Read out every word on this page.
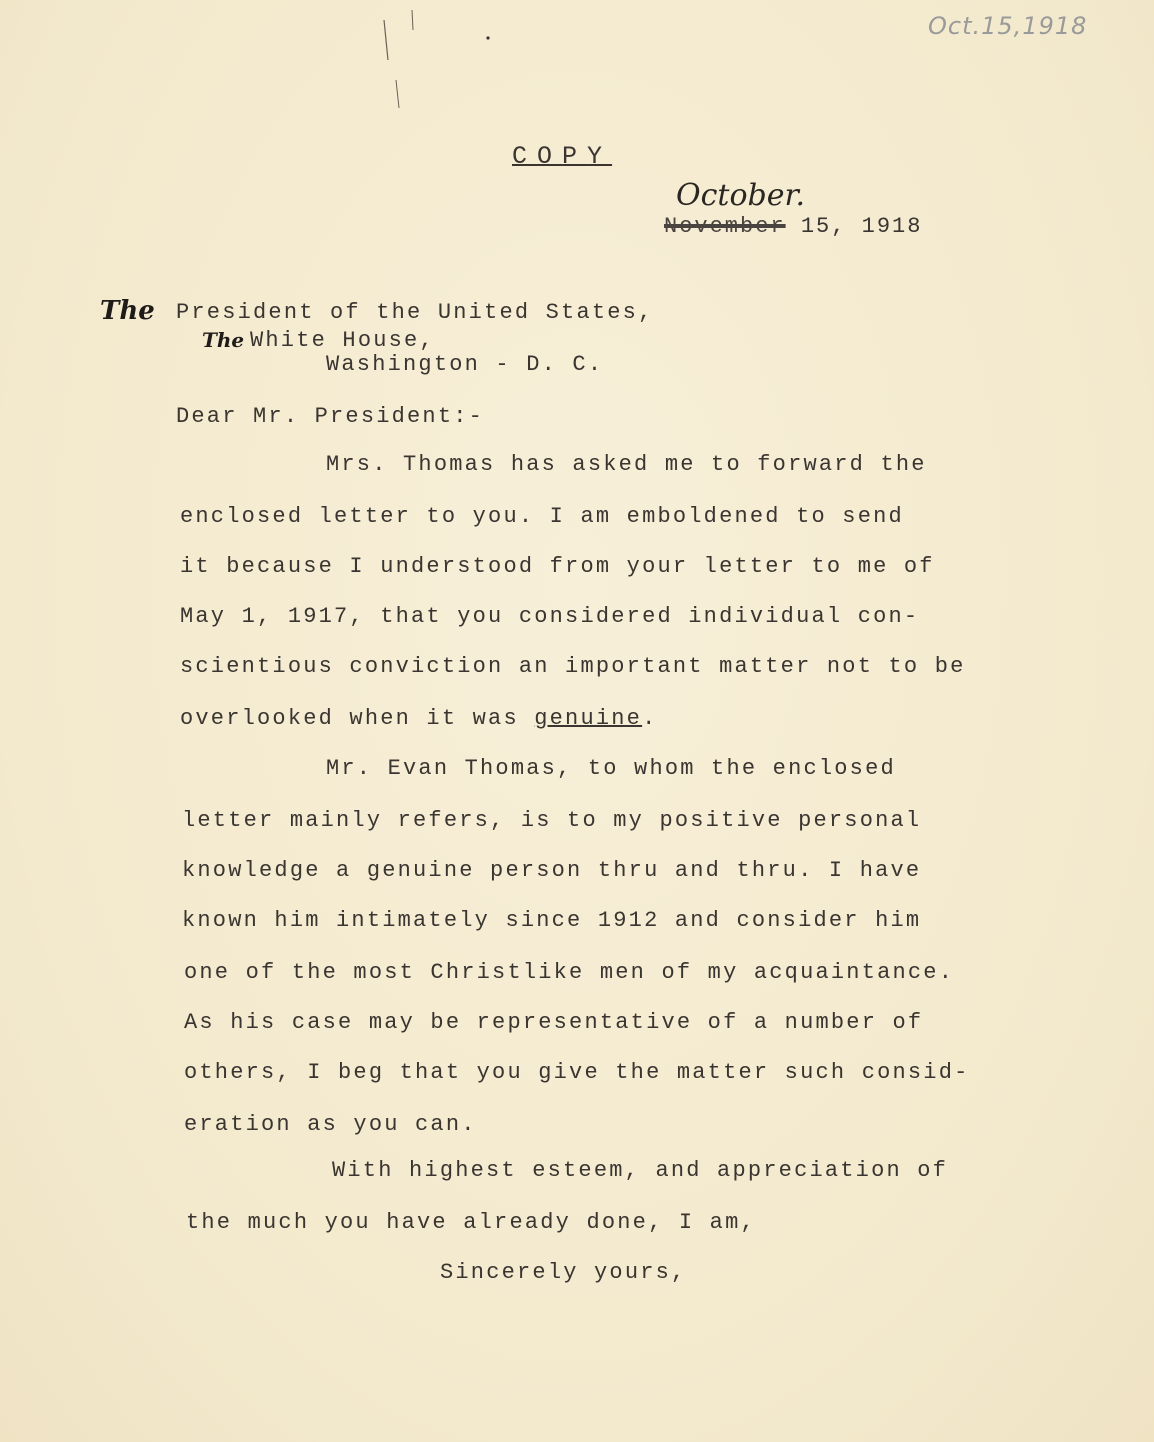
Oct.15,1918
COPY
October.
November 15, 1918
The President of the United States,
The White House,
Washington - D. C.
Dear Mr. President:-
Mrs. Thomas has asked me to forward the
enclosed letter to you. I am emboldened to send
it because I understood from your letter to me of
May 1, 1917, that you considered individual con-
scientious conviction an important matter not to be
overlooked when it was genuine.
Mr. Evan Thomas, to whom the enclosed
letter mainly refers, is to my positive personal
knowledge a genuine person thru and thru. I have
known him intimately since 1912 and consider him
one of the most Christlike men of my acquaintance.
As his case may be representative of a number of
others, I beg that you give the matter such consid-
eration as you can.
With highest esteem, and appreciation of
the much you have already done, I am,
Sincerely yours,
